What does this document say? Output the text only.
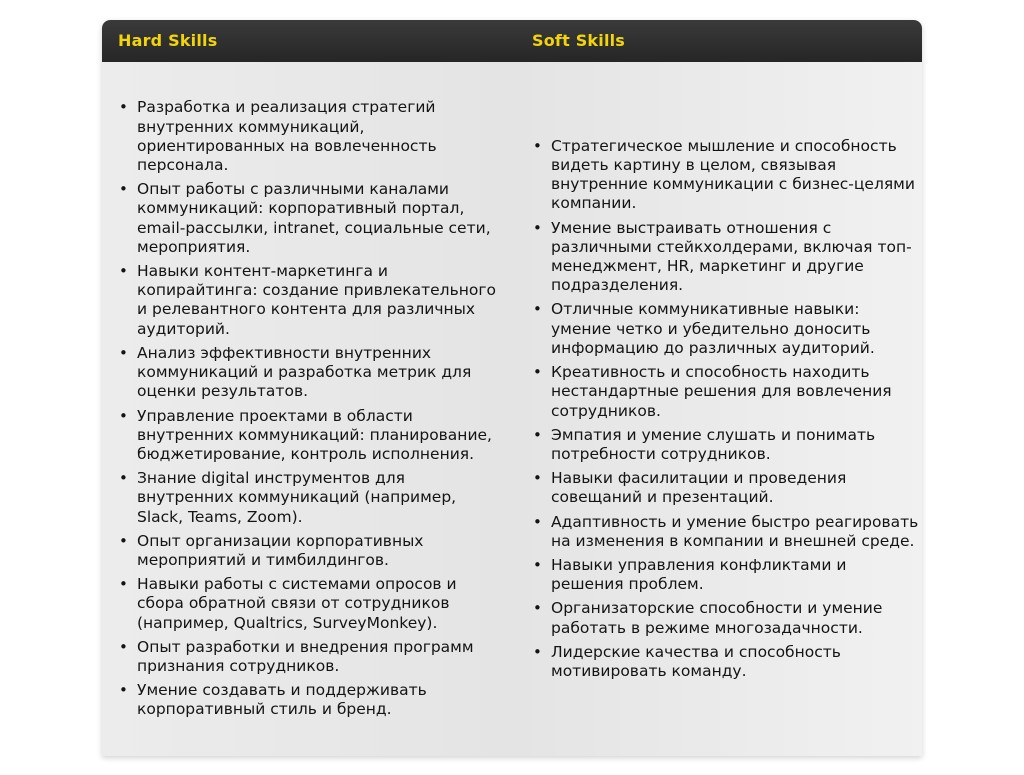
Hard Skills	Soft Skills
• Разработка и реализация стратегий внутренних коммуникаций, ориентированных на вовлеченность персонала.
• Опыт работы с различными каналами коммуникаций: корпоративный портал, email-рассылки, intranet, социальные сети, мероприятия.
• Навыки контент-маркетинга и копирайтинга: создание привлекательного и релевантного контента для различных аудиторий.
• Анализ эффективности внутренних коммуникаций и разработка метрик для оценки результатов.
• Управление проектами в области внутренних коммуникаций: планирование, бюджетирование, контроль исполнения.
• Знание digital инструментов для внутренних коммуникаций (например, Slack, Teams, Zoom).
• Опыт организации корпоративных мероприятий и тимбилдингов.
• Навыки работы с системами опросов и сбора обратной связи от сотрудников (например, Qualtrics, SurveyMonkey).
• Опыт разработки и внедрения программ признания сотрудников.
• Умение создавать и поддерживать корпоративный стиль и бренд.
• Стратегическое мышление и способность видеть картину в целом, связывая внутренние коммуникации с бизнес-целями компании.
• Умение выстраивать отношения с различными стейкхолдерами, включая топ-менеджмент, HR, маркетинг и другие подразделения.
• Отличные коммуникативные навыки: умение четко и убедительно доносить информацию до различных аудиторий.
• Креативность и способность находить нестандартные решения для вовлечения сотрудников.
• Эмпатия и умение слушать и понимать потребности сотрудников.
• Навыки фасилитации и проведения совещаний и презентаций.
• Адаптивность и умение быстро реагировать на изменения в компании и внешней среде.
• Навыки управления конфликтами и решения проблем.
• Организаторские способности и умение работать в режиме многозадачности.
• Лидерские качества и способность мотивировать команду.
